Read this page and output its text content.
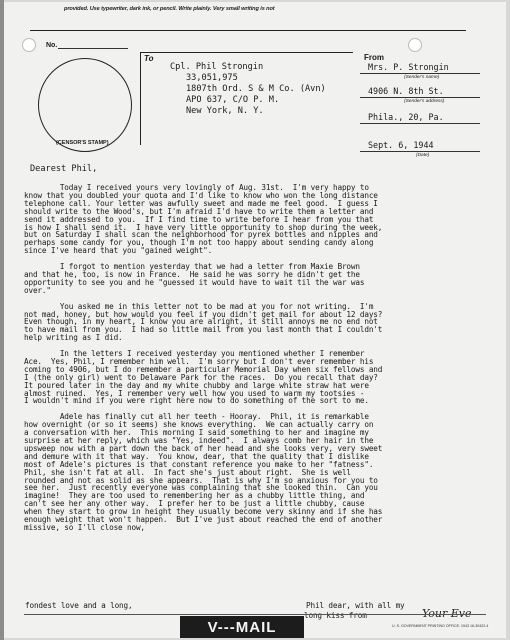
provided. Use typewriter, dark ink, or pencil. Write plainly. Very small writing is not
No.
(CENSOR'S STAMP)
To
Cpl. Phil Strongin
33,051,975
1807th Ord. S & M Co. (Avn)
APO 637, C/O P. M.
New York, N. Y.
From
Mrs. P. Strongin
(Sender's name)
4906 N. 8th St.
(Sender's address)
Phila., 20, Pa.
Sept. 6, 1944
(Date)
Dearest Phil,
Today I received yours very lovingly of Aug. 31st.  I'm very happy to
know that you doubled your quota and I'd like to know who won the long distance
telephone call. Your letter was awfully sweet and made me feel good.  I guess I
should write to the Wood's, but I'm afraid I'd have to write them a letter and
send it addressed to you.  If I find time to write before I hear from you that
is how I shall send it.  I have very little opportunity to shop during the week,
but on Saturday I shall scan the neighborhood for pyrex bottles and nipples and
perhaps some candy for you, though I'm not too happy about sending candy along
since I've heard that you "gained weight".

I forgot to mention yesterday that we had a letter from Maxie Brown
and that he, too, is now in France.  He said he was sorry he didn't get the
opportunity to see you and he "guessed it would have to wait til the war was
over."

You asked me in this letter not to be mad at you for not writing.  I'm
not mad, honey, but how would you feel if you didn't get mail for about 12 days?
Even though, in my heart, I know you are alright, it still annoys me no end not
to have mail from you.  I had so little mail from you last month that I couldn't
help writing as I did.

In the letters I received yesterday you mentioned whether I remember
Ace.  Yes, Phil, I remember him well.  I'm sorry but I don't ever remember his
coming to 4906, but I do remember a particular Memorial Day when six fellows and
I (the only girl) went to Delaware Park for the races.  Do you recall that day?
It poured later in the day and my white chubby and large white straw hat were
almost ruined.  Yes, I remember very well how you used to warm my tootsies -
I wouldn't mind if you were right here now to do something of the sort to me.

Adele has finally cut all her teeth - Hooray.  Phil, it is remarkable
how overnight (or so it seems) she knows everything.  We can actually carry on
a conversation with her.  This morning I said something to her and imagine my
surprise at her reply, which was "Yes, indeed".  I always comb her hair in the
upsweep now with a part down the back of her head and she looks very, very sweet
and demure with it that way.  You know, dear, that the quality that I dislike
most of Adele's pictures is that constant reference you make to her "fatness".
Phil, she isn't fat at all.  In fact she's just about right.  She is well
rounded and not as solid as she appears.  That is why I'm so anxious for you to
see her.  Just recently everyone was complaining that she looked thin.  Can you
imagine!  They are too used to remembering her as a chubby little thing, and
can't see her any other way.  I prefer her to be just a little chubby, cause
when they start to grow in height they usually become very skinny and if she has
enough weight that won't happen.  But I've just about reached the end of another
missive, so I'll close now,
fondest love and a long,	Phil dear, with all my
long kiss from	Your Eve
V---MAIL	U. S. GOVERNMENT PRINTING OFFICE: 1943 16-30422-4
